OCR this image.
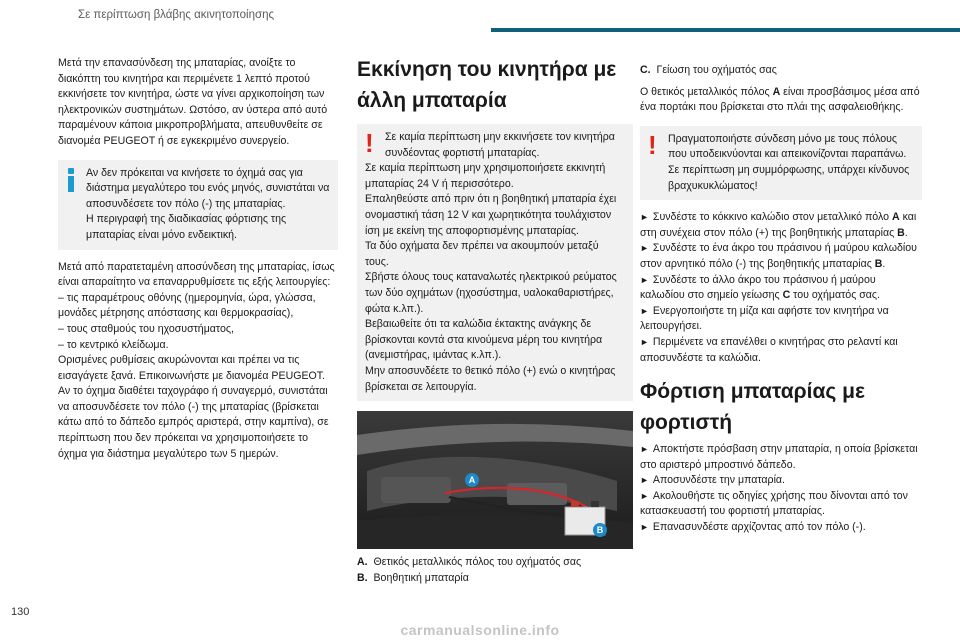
Σε περίπτωση βλάβης ακινητοποίησης

Μετά την επανασύνδεση της μπαταρίας, ανοίξτε το διακόπτη του κινητήρα και περιμένετε 1 λεπτό προτού εκκινήσετε τον κινητήρα, ώστε να γίνει αρχικοποίηση των ηλεκτρονικών συστημάτων. Ωστόσο, αν ύστερα από αυτό παραμένουν κάποια μικροπροβλήματα, απευθυνθείτε σε διανομέα PEUGEOT ή σε εγκεκριμένο συνεργείο.

Αν δεν πρόκειται να κινήσετε το όχημά σας για διάστημα μεγαλύτερο του ενός μηνός, συνιστάται να αποσυνδέσετε τον πόλο (-) της μπαταρίας.
Η περιγραφή της διαδικασίας φόρτισης της μπαταρίας είναι μόνο ενδεικτική.

Μετά από παρατεταμένη αποσύνδεση της μπαταρίας, ίσως είναι απαραίτητο να επαναρρυθμίσετε τις εξής λειτουργίες:

– τις παραμέτρους οθόνης (ημερομηνία, ώρα, γλώσσα, μονάδες μέτρησης απόστασης και θερμοκρασίας),

– τους σταθμούς του ηχοσυστήματος,

– το κεντρικό κλείδωμα.

Ορισμένες ρυθμίσεις ακυρώνονται και πρέπει να τις εισαγάγετε ξανά. Επικοινωνήστε με διανομέα PEUGEOT.

Αν το όχημα διαθέτει ταχογράφο ή συναγερμό, συνιστάται να αποσυνδέσετε τον πόλο (-) της μπαταρίας (βρίσκεται κάτω από το δάπεδο εμπρός αριστερά, στην καμπίνα), σε περίπτωση που δεν πρόκειται να χρησιμοποιήσετε το όχημα για διάστημα μεγαλύτερο των 5 ημερών.

Εκκίνηση του κινητήρα με άλλη μπαταρία
!	Σε καμία περίπτωση μην εκκινήσετε τον κινητήρα συνδέοντας φορτιστή μπαταρίας.
Σε καμία περίπτωση μην χρησιμοποιήσετε εκκινητή μπαταρίας 24 V ή περισσότερο.
Επαληθεύστε από πριν ότι η βοηθητική μπαταρία έχει ονομαστική τάση 12 V και χωρητικότητα τουλάχιστον ίση με εκείνη της αποφορτισμένης μπαταρίας.
Τα δύο οχήματα δεν πρέπει να ακουμπούν μεταξύ τους.
Σβήστε όλους τους καταναλωτές ηλεκτρικού ρεύματος των δύο οχημάτων (ηχοσύστημα, υαλοκαθαριστήρες, φώτα κ.λπ.).
Βεβαιωθείτε ότι τα καλώδια έκτακτης ανάγκης δε βρίσκονται κοντά στα κινούμενα μέρη του κινητήρα (ανεμιστήρας, ιμάντας κ.λπ.).
Μην αποσυνδέετε το θετικό πόλο (+) ενώ ο κινητήρας βρίσκεται σε λειτουργία.
A
B

A. Θετικός μεταλλικός πόλος του οχήματός σας

B. Βοηθητική μπαταρία

C. Γείωση του οχήματός σας

Ο θετικός μεταλλικός πόλος A είναι προσβάσιμος μέσα από ένα πορτάκι που βρίσκεται στο πλάι της ασφαλειοθήκης.

!	Πραγματοποιήστε σύνδεση μόνο με τους πόλους που υποδεικνύονται και απεικονίζονται παραπάνω. Σε περίπτωση μη συμμόρφωσης, υπάρχει κίνδυνος βραχυκυκλώματος!

► Συνδέστε το κόκκινο καλώδιο στον μεταλλικό πόλο A και στη συνέχεια στον πόλο (+) της βοηθητικής μπαταρίας B.

► Συνδέστε το ένα άκρο του πράσινου ή μαύρου καλωδίου στον αρνητικό πόλο (-) της βοηθητικής μπαταρίας B.

► Συνδέστε το άλλο άκρο του πράσινου ή μαύρου καλωδίου στο σημείο γείωσης C του οχήματός σας.

► Ενεργοποιήστε τη μίζα και αφήστε τον κινητήρα να λειτουργήσει.

► Περιμένετε να επανέλθει ο κινητήρας στο ρελαντί και αποσυνδέστε τα καλώδια.

Φόρτιση μπαταρίας με φορτιστή

► Αποκτήστε πρόσβαση στην μπαταρία, η οποία βρίσκεται στο αριστερό μπροστινό δάπεδο.

► Αποσυνδέστε την μπαταρία.

► Ακολουθήστε τις οδηγίες χρήσης που δίνονται από τον κατασκευαστή του φορτιστή μπαταρίας.

► Επανασυνδέστε αρχίζοντας από τον πόλο (-).

130
carmanualsonline.info
